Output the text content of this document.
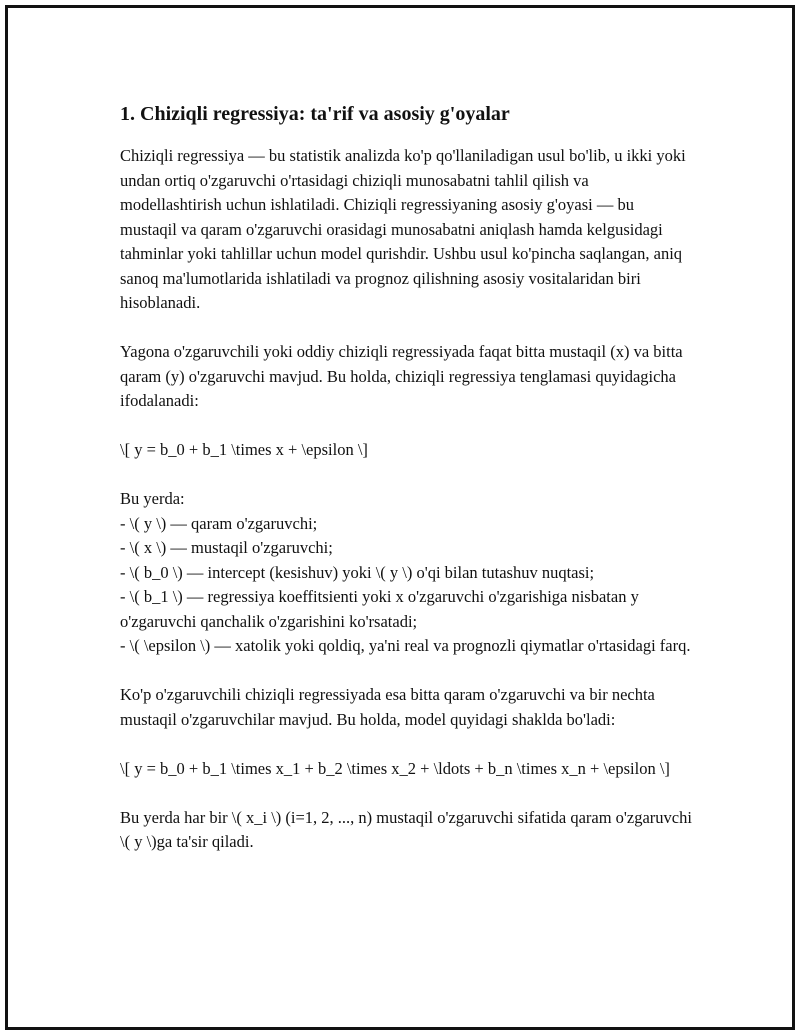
1. Chiziqli regressiya: ta'rif va asosiy g'oyalar

Chiziqli regressiya — bu statistik analizda ko'p qo'llaniladigan usul bo'lib, u ikki yoki undan ortiq o'zgaruvchi o'rtasidagi chiziqli munosabatni tahlil qilish va modellashtirish uchun ishlatiladi. Chiziqli regressiyaning asosiy g'oyasi — bu mustaqil va qaram o'zgaruvchi orasidagi munosabatni aniqlash hamda kelgusidagi tahminlar yoki tahlillar uchun model qurishdir. Ushbu usul ko'pincha saqlangan, aniq sanoq ma'lumotlarida ishlatiladi va prognoz qilishning asosiy vositalaridan biri hisoblanadi.

Yagona o'zgaruvchili yoki oddiy chiziqli regressiyada faqat bitta mustaqil (x) va bitta qaram (y) o'zgaruvchi mavjud. Bu holda, chiziqli regressiya tenglamasi quyidagicha ifodalanadi:

\[ y = b_0 + b_1 \times x + \epsilon \]

Bu yerda:
- \( y \) — qaram o'zgaruvchi;
- \( x \) — mustaqil o'zgaruvchi;
- \( b_0 \) — intercept (kesishuv) yoki \( y \) o'qi bilan tutashuv nuqtasi;
- \( b_1 \) — regressiya koeffitsienti yoki x o'zgaruvchi o'zgarishiga nisbatan y o'zgaruvchi qanchalik o'zgarishini ko'rsatadi;
- \( \epsilon \) — xatolik yoki qoldiq, ya'ni real va prognozli qiymatlar o'rtasidagi farq.

Ko'p o'zgaruvchili chiziqli regressiyada esa bitta qaram o'zgaruvchi va bir nechta mustaqil o'zgaruvchilar mavjud. Bu holda, model quyidagi shaklda bo'ladi:

\[ y = b_0 + b_1 \times x_1 + b_2 \times x_2 + \ldots + b_n \times x_n + \epsilon \]

Bu yerda har bir \( x_i \) (i=1, 2, ..., n) mustaqil o'zgaruvchi sifatida qaram o'zgaruvchi \( y \)ga ta'sir qiladi.
